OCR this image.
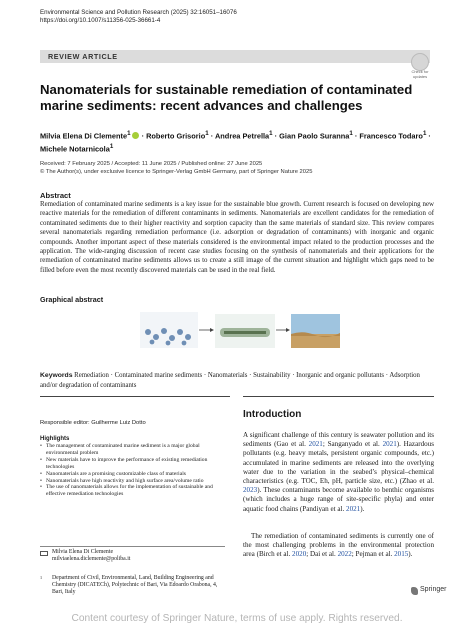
Environmental Science and Pollution Research (2025) 32:16051–16076
https://doi.org/10.1007/s11356-025-36661-4
REVIEW ARTICLE
Check for
updates
Nanomaterials for sustainable remediation of contaminated marine sediments: recent advances and challenges
Milvia Elena Di Clemente$^1$ · Roberto Grisorio$^1$ · Andrea Petrella$^1$ · Gian Paolo Suranna$^1$ · Francesco Todaro$^1$ ·
Michele Notarnicola$^1$
Received: 7 February 2025 / Accepted: 11 June 2025 / Published online: 27 June 2025
© The Author(s), under exclusive licence to Springer-Verlag GmbH Germany, part of Springer Nature 2025
Abstract
Remediation of contaminated marine sediments is a key issue for the sustainable blue growth. Current research is focused on developing new reactive materials for the remediation of different contaminants in sediments. Nanomaterials are excellent candidates for the remediation of contaminated sediments due to their higher reactivity and sorption capacity than the same materials of standard size. This review compares several nanomaterials regarding remediation performance (i.e. adsorption or degradation of contaminants) with inorganic and organic compounds. Another important aspect of these materials considered is the environmental impact related to the production processes and the application. The wide-ranging discussion of recent case studies focusing on the synthesis of nanomaterials and their applications for the remediation of contaminated marine sediments allows us to create a still image of the current situation and highlight which gaps need to be filled before even the most recently discovered materials can be used in the real field.
Graphical abstract
Keywords Remediation · Contaminated marine sediments · Nanomaterials · Sustainability · Inorganic and organic pollutants · Adsorption and/or degradation of contaminants
Responsible editor: Guilherme Luiz Dotto
Highlights
• The management of contaminated marine sediment is a major global environmental problem
• New materials have to improve the performance of existing remediation technologies
• Nanomaterials are a promising customizable class of materials
• Nanomaterials have high reactivity and high surface area/volume ratio
• The use of nanomaterials allows for the implementation of sustainable and effective remediation technologies
Milvia Elena Di Clemente
milviaelena.diclemente@poliba.it
1 Department of Civil, Environmental, Land, Building Engineering and Chemistry (DICATECh), Polytechnic of Bari, Via Edoardo Orabona, 4, Bari, Italy
Introduction
A significant challenge of this century is seawater pollution and its sediments (Gao et al. 2021; Sanganyado et al. 2021). Hazardous pollutants (e.g. heavy metals, persistent organic compounds, etc.) accumulated in marine sediments are released into the overlying water due to the variation in the seabed’s physical–chemical characteristics (e.g. TOC, Eh, pH, particle size, etc.) (Zhao et al. 2023). These contaminants become available to benthic organisms (which includes a huge range of site-specific phyla) and enter aquatic food chains (Pandiyan et al. 2021).
The remediation of contaminated sediments is currently one of the most challenging problems in the environmental protection area (Birch et al. 2020; Dai et al. 2022; Pejman et al. 2015).
Springer
Content courtesy of Springer Nature, terms of use apply. Rights reserved.
